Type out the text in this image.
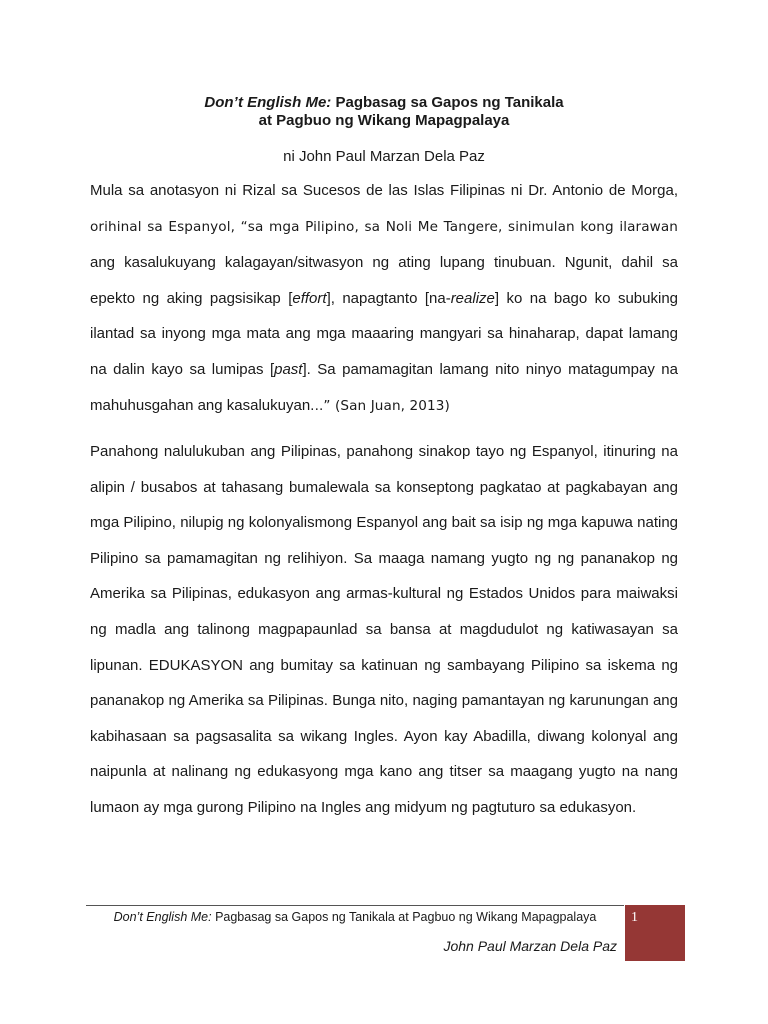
Don’t English Me: Pagbasag sa Gapos ng Tanikala
at Pagbuo ng Wikang Mapagpalaya
ni John Paul Marzan Dela Paz
Mula sa anotasyon ni Rizal sa Sucesos de las Islas Filipinas ni Dr. Antonio de Morga, orihinal sa Espanyol, “sa mga Pilipino, sa Noli Me Tangere, sinimulan kong ilarawan ang kasalukuyang kalagayan/sitwasyon ng ating lupang tinubuan. Ngunit, dahil sa epekto ng aking pagsisikap [effort], napagtanto [na-realize] ko na bago ko subuking ilantad sa inyong mga mata ang mga maaaring mangyari sa hinaharap, dapat lamang na dalin kayo sa lumipas [past]. Sa pamamagitan lamang nito ninyo matagumpay na mahuhusgahan ang kasalukuyan...” (San Juan, 2013)
Panahong nalulukuban ang Pilipinas, panahong sinakop tayo ng Espanyol, itinuring na alipin / busabos at tahasang bumalewala sa konseptong pagkatao at pagkabayan ang mga Pilipino, nilupig ng kolonyalismong Espanyol ang bait sa isip ng mga kapuwa nating Pilipino sa pamamagitan ng relihiyon. Sa maaga namang yugto ng ng pananakop ng Amerika sa Pilipinas, edukasyon ang armas-kultural ng Estados Unidos para maiwaksi ng madla ang talinong magpapaunlad sa bansa at magdudulot ng katiwasayan sa lipunan. EDUKASYON ang bumitay sa katinuan ng sambayang Pilipino sa iskema ng pananakop ng Amerika sa Pilipinas. Bunga nito, naging pamantayan ng karunungan ang kabihasaan sa pagsasalita sa wikang Ingles. Ayon kay Abadilla, diwang kolonyal ang naipunla at nalinang ng edukasyong mga kano ang titser sa maagang yugto na nang lumaon ay mga gurong Pilipino na Ingles ang midyum ng pagtuturo sa edukasyon.
Don’t English Me: Pagbasag sa Gapos ng Tanikala at Pagbuo ng Wikang Mapagpalaya
John Paul Marzan Dela Paz
1
